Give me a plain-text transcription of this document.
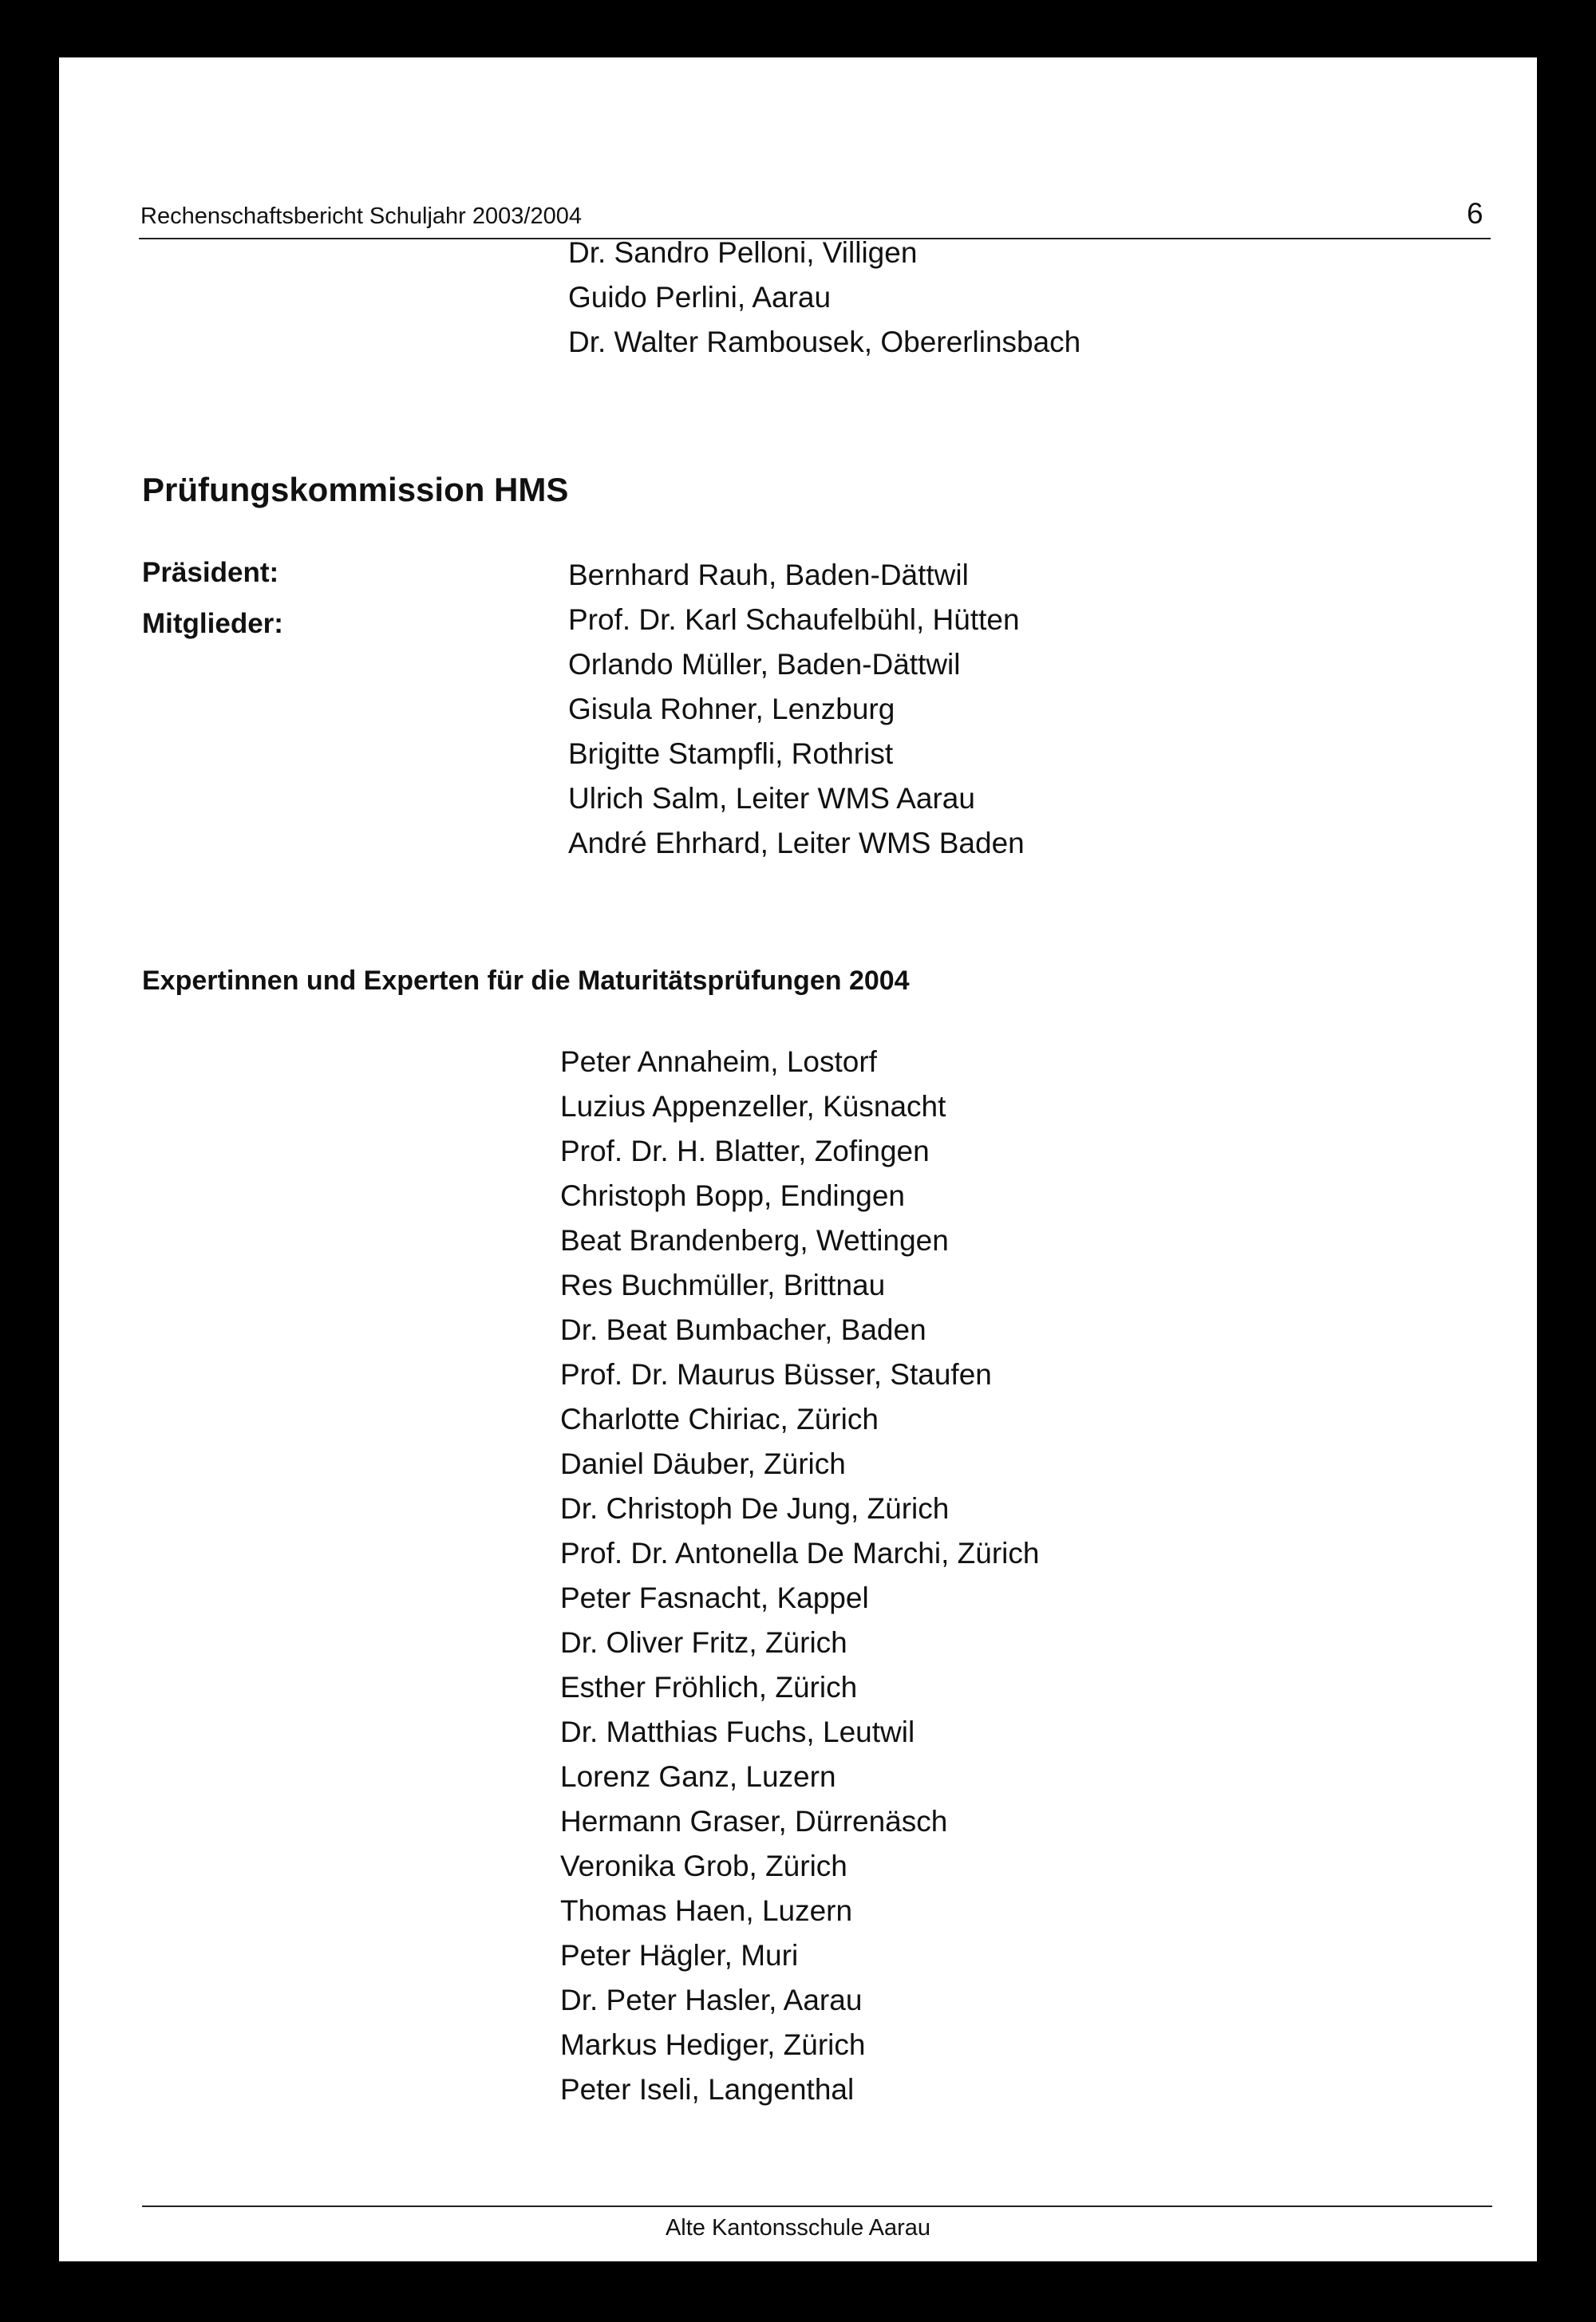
Rechenschaftsbericht Schuljahr 2003/2004	6
Dr. Sandro Pelloni, Villigen
Guido Perlini, Aarau
Dr. Walter Rambousek, Obererlinsbach
Prüfungskommission HMS
Präsident:
Mitglieder:
Bernhard Rauh, Baden-Dättwil
Prof. Dr. Karl Schaufelbühl, Hütten
Orlando Müller, Baden-Dättwil
Gisula Rohner, Lenzburg
Brigitte Stampfli, Rothrist
Ulrich Salm, Leiter WMS Aarau
André Ehrhard, Leiter WMS Baden
Expertinnen und Experten für die Maturitätsprüfungen 2004
Peter Annaheim, Lostorf
Luzius Appenzeller, Küsnacht
Prof. Dr. H. Blatter, Zofingen
Christoph Bopp, Endingen
Beat Brandenberg, Wettingen
Res Buchmüller, Brittnau
Dr. Beat Bumbacher, Baden
Prof. Dr. Maurus Büsser, Staufen
Charlotte Chiriac, Zürich
Daniel Däuber, Zürich
Dr. Christoph De Jung, Zürich
Prof. Dr. Antonella De Marchi, Zürich
Peter Fasnacht, Kappel
Dr. Oliver Fritz, Zürich
Esther Fröhlich, Zürich
Dr. Matthias Fuchs, Leutwil
Lorenz Ganz, Luzern
Hermann Graser, Dürrenäsch
Veronika Grob, Zürich
Thomas Haen, Luzern
Peter Hägler, Muri
Dr. Peter Hasler, Aarau
Markus Hediger, Zürich
Peter Iseli, Langenthal
Alte Kantonsschule Aarau
